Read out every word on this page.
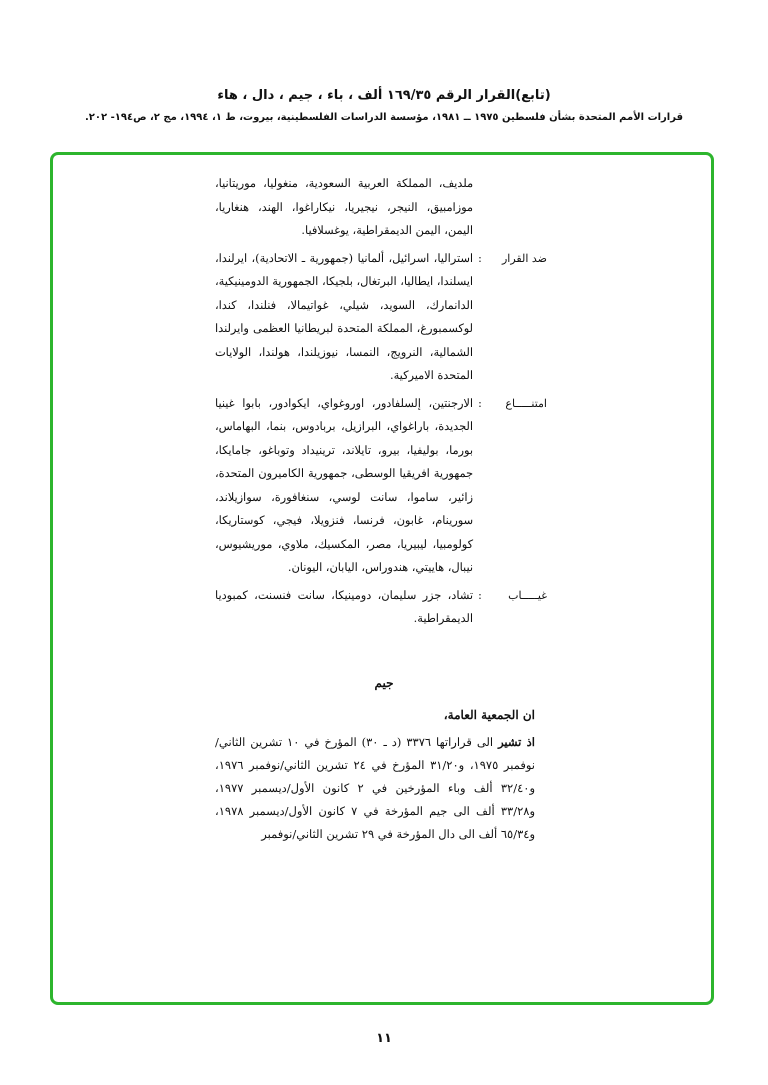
(تابع)القرار الرقم ١٦٩/٣٥ ألف ، باء ، جيم ، دال ، هاء
قرارات الأمم المتحدة بشأن فلسطين ١٩٧٥ ــ ١٩٨١، مؤسسة الدراسات الفلسطينية، بيروت، ط ١، ١٩٩٤، مج ٢، ص١٩٤- ٢٠٢.
ملديف، المملكة العربية السعودية، منغوليا، موريتانيا، موزامبيق، النيجر، نيجيريا، نيكاراغوا، الهند، هنغاريا، اليمن، اليمن الديمقراطية، يوغسلافيا.
ضد القرار
:
استراليا، اسرائيل، ألمانيا (جمهورية ـ الاتحادية)، ايرلندا، ايسلندا، ايطاليا، البرتغال، بلجيكا، الجمهورية الدومينيكية، الدانمارك، السويد، شيلي، غواتيمالا، فنلندا، كندا، لوكسمبورغ، المملكة المتحدة لبريطانيا العظمى وايرلندا الشمالية، النرويج، النمسا، نيوزيلندا، هولندا، الولايات المتحدة الاميركية.
امتنـــــاع
:
الارجنتين، إلسلفادور، اوروغواي، ايكوادور، بابوا غينيا الجديدة، باراغواي، البرازيل، بربادوس، بنما، البهاماس، بورما، بوليفيا، بيرو، تايلاند، ترينيداد وتوباغو، جامايكا، جمهورية افريقيا الوسطى، جمهورية الكاميرون المتحدة، زائير، ساموا، سانت لوسي، سنغافورة، سوازيلاند، سورينام، غابون، فرنسا، فنزويلا، فيجي، كوستاريكا، كولومبيا، ليبيريا، مصر، المكسيك، ملاوي، موريشيوس، نيبال، هاييتي، هندوراس، اليابان، اليونان.
غيـــــاب
:
تشاد، جزر سليمان، دومينيكا، سانت فنسنت، كمبوديا الديمقراطية.
جيم
ان الجمعية العامة،
اذ تشير الى قراراتها ٣٣٧٦ (د ـ ٣٠) المؤرخ في ١٠ تشرين الثاني/نوفمبر ١٩٧٥، و٣١/٢٠ المؤرخ في ٢٤ تشرين الثاني/نوفمبر ١٩٧٦، و٣٢/٤٠ ألف وباء المؤرخين في ٢ كانون الأول/ديسمبر ١٩٧٧، و٣٣/٢٨ ألف الى جيم المؤرخة في ٧ كانون الأول/ديسمبر ١٩٧٨، و٦٥/٣٤ ألف الى دال المؤرخة في ٢٩ تشرين الثاني/نوفمبر
١١
